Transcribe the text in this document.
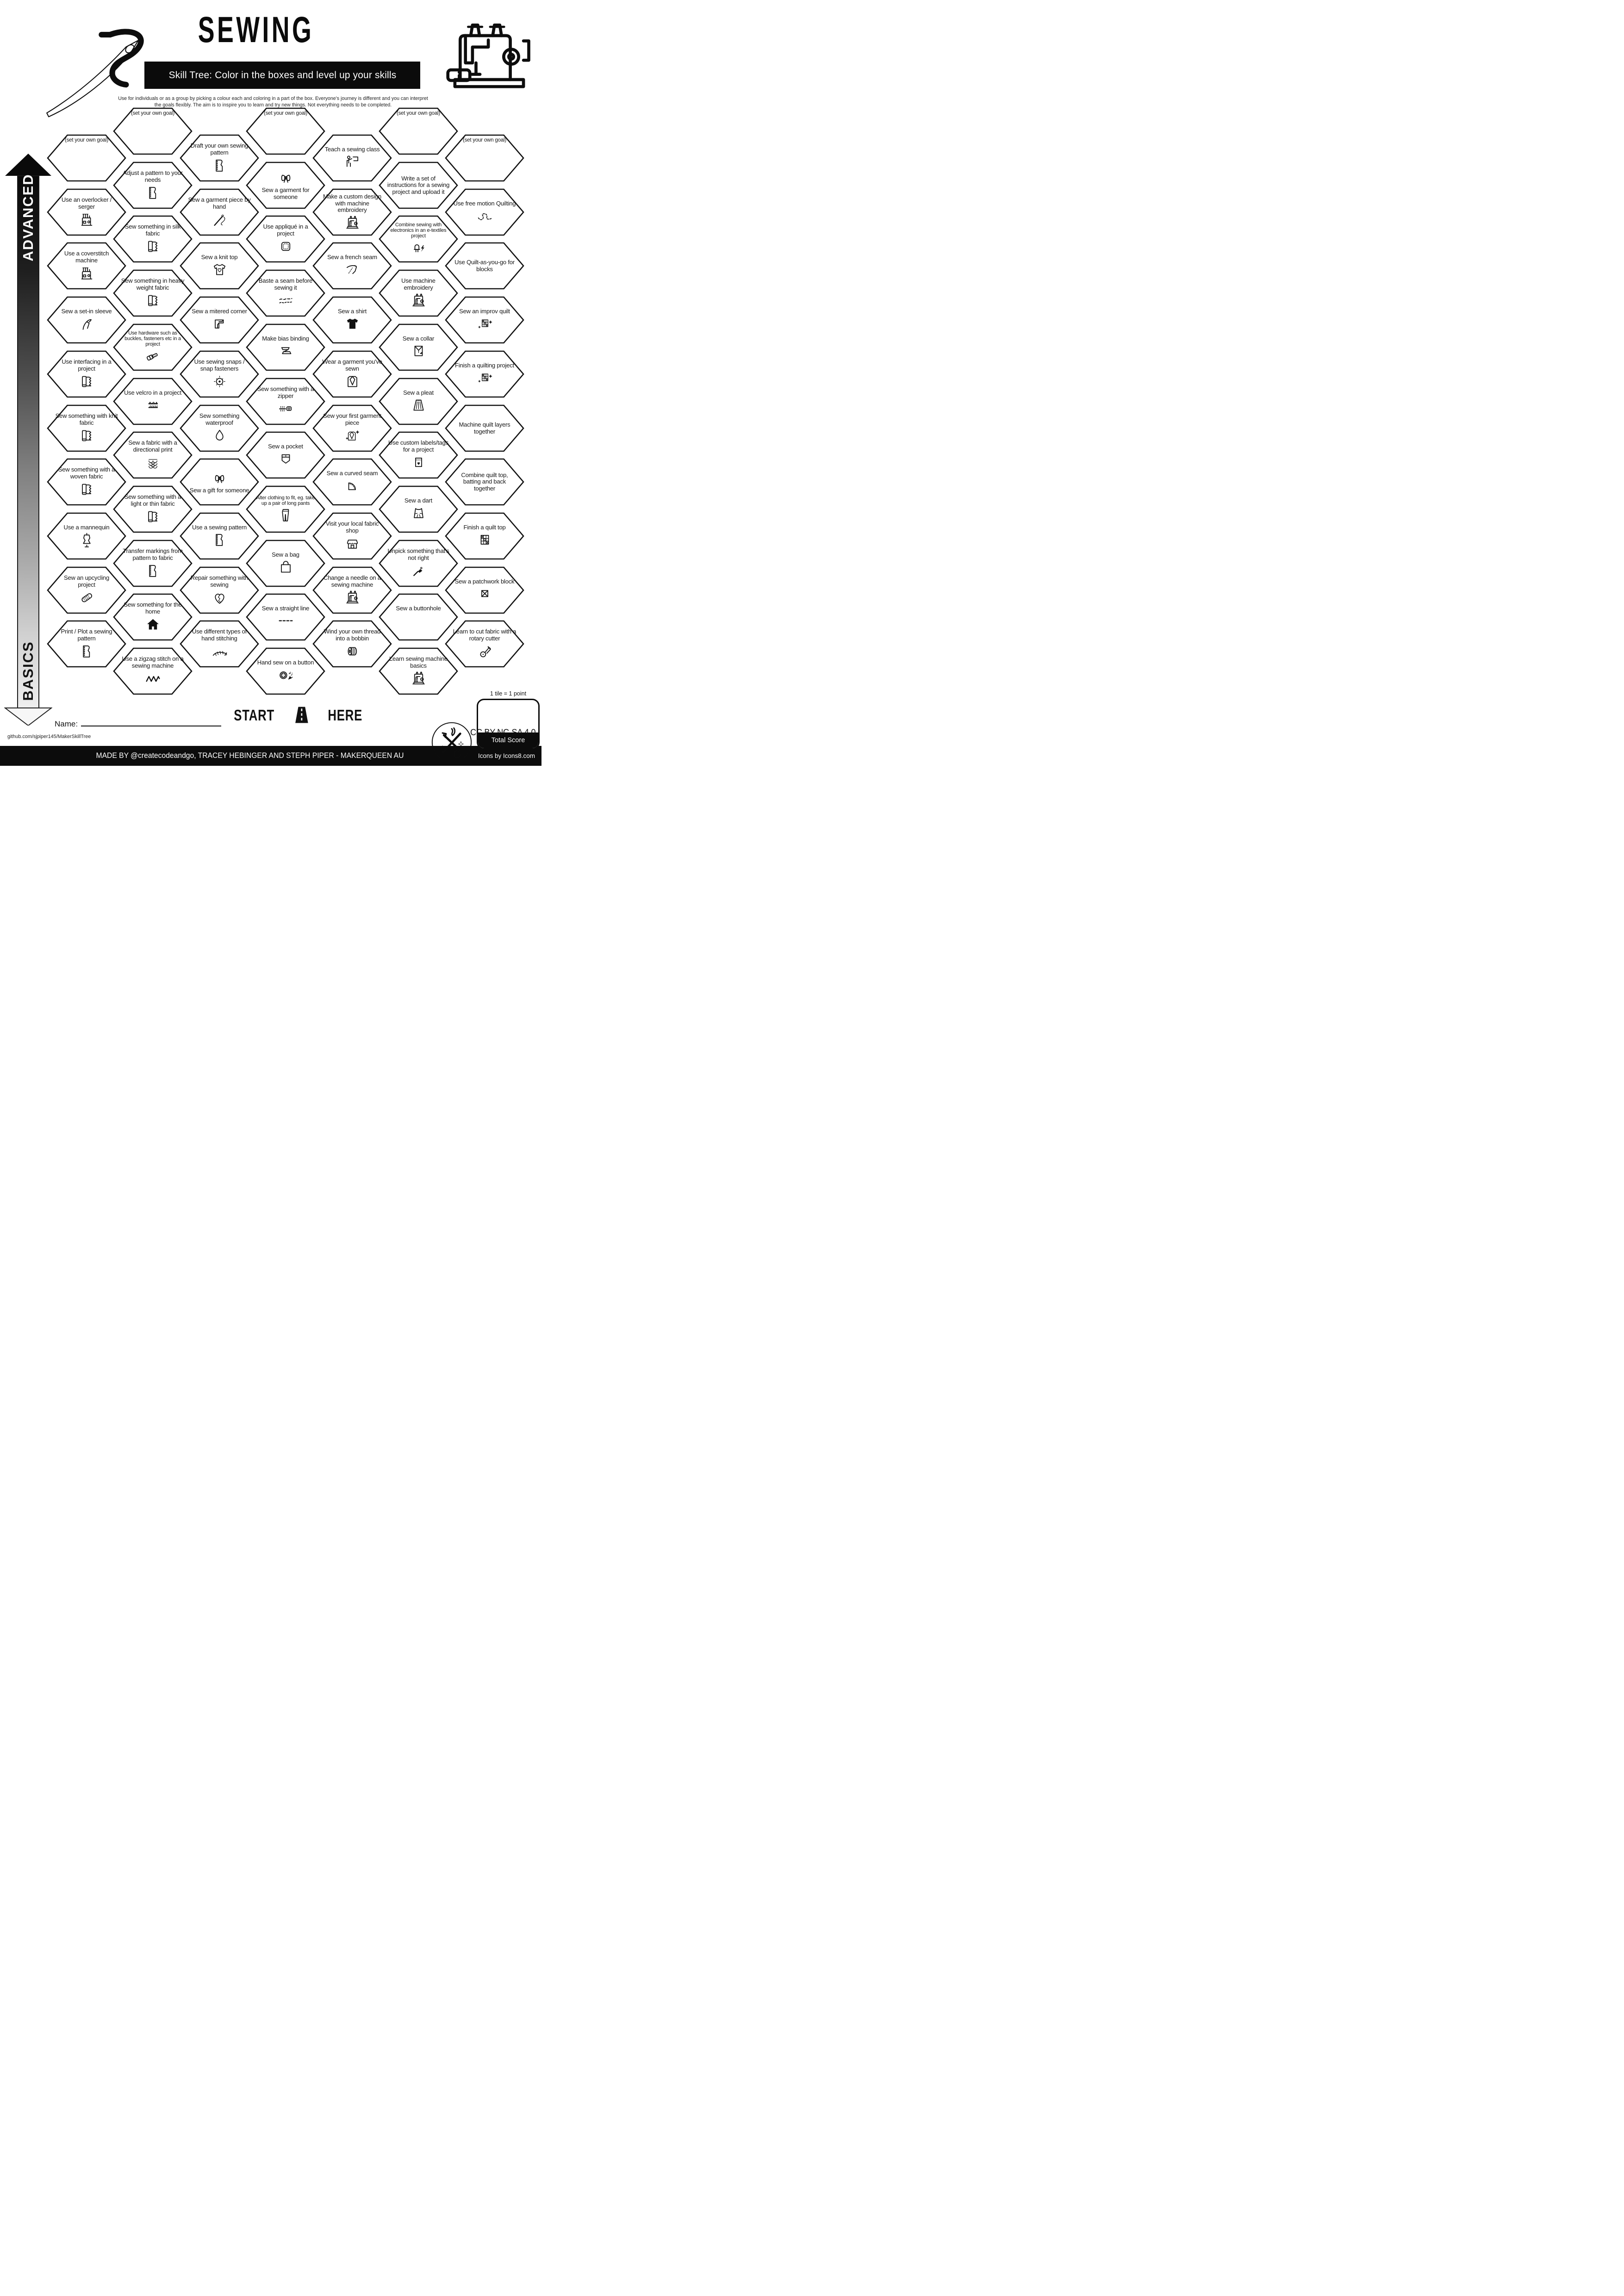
SEWING
Skill Tree: Color in the boxes and level up your skills
Use for individuals or as a group by picking a colour each and coloring in a part of the box. Everyone's journey is different and you can interpret the goals flexibly. The aim is to inspire you to learn and try new things. Not everything needs to be completed.
ADVANCED
BASICS
(set your own goal)
Use an overlocker / serger
Use a coverstitch machine
Sew a set-in sleeve
Use interfacing in a project
Sew something with knit fabric
Sew something with a woven fabric
Use a mannequin
Sew an upcycling project
Print / Plot a sewing pattern
(set your own goal)
Adjust a pattern to your needs
Sew something in silk fabric
Sew something in heavy weight fabric
Use hardware such as buckles, fasteners etc in a project
Use velcro in a project
Sew a fabric with a directional print
Sew something with a light or thin fabric
Transfer markings from pattern to fabric
Sew something for the home
Use a zigzag stitch on a sewing machine
Draft your own sewing pattern
Sew a garment piece by hand
Sew a knit top
Sew a mitered corner
Use sewing snaps / snap fasteners
Sew something waterproof
Sew a gift for someone
Use a sewing pattern
Repair something with sewing
Use different types of hand stitching
(set your own goal)
Sew a garment for someone
Use appliqué in a project
Baste a seam before sewing it
Make bias binding
Sew something with a zipper
Sew a pocket
Alter clothing to fit, eg. take up a pair of long pants
Sew a bag
Sew a straight line
Hand sew on a button
Teach a sewing class
Make a custom design with machine embroidery
Sew a french seam
Sew a shirt
Wear a garment you've sewn
Sew your first garment piece
Sew a curved seam
Visit your local fabric shop
Change a needle on a sewing machine
Wind your own thread into a bobbin
(set your own goal)
Write a set of instructions for a sewing project and upload it
Combine sewing with electronics in an e-textiles project
Use machine embroidery
Sew a collar
Sew a pleat
Use custom labels/tags for a project
Sew a dart
Unpick something that's not right
Sew a buttonhole
Learn sewing machine basics
(set your own goal)
Use free motion Quilting
Use Quilt-as-you-go for blocks
Sew an improv quilt
Finish a quilting project
Machine quilt layers together
Combine quilt top, batting and back together
Finish a quilt top
Sew a patchwork block
Learn to cut fabric with a rotary cutter
START	HERE
Name:
github.com/sjpiper145/MakerSkillTree
1 tile = 1 point
Total Score
CC BY-NC-SA 4.0
MADE BY @createcodeandgo, TRACEY HEBINGER AND STEPH PIPER - MAKERQUEEN AU	Icons by Icons8.com
